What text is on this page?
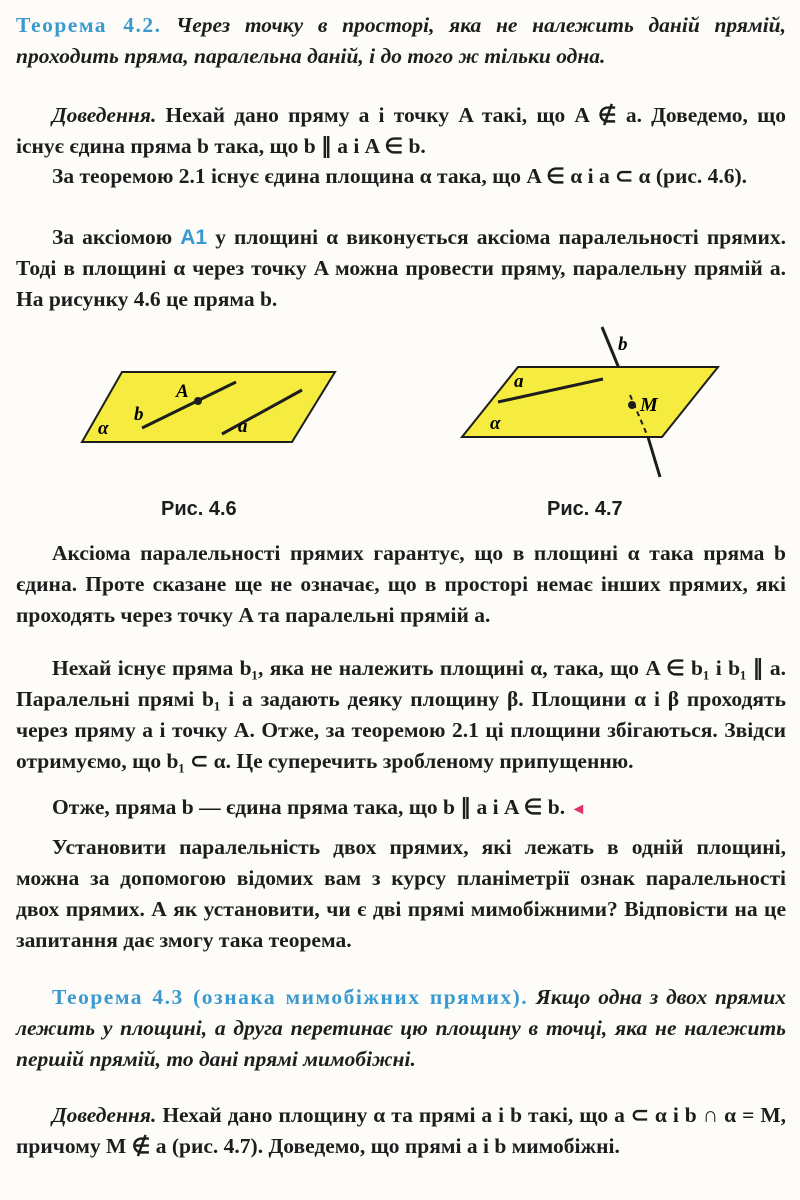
Теорема 4.2. Через точку в просторі, яка не належить даній прямій, проходить пряма, паралельна даній, і до того ж тільки одна.

Доведення. Нехай дано пряму a і точку A такі, що A ∉ a. Доведемо, що існує єдина пряма b така, що b ∥ a і A ∈ b.

За теоремою 2.1 існує єдина площина α така, що A ∈ α і a ⊂ α (рис. 4.6).

За аксіомою A1 у площині α виконується аксіома паралельності прямих. Тоді в площині α через точку A можна провести пряму, паралельну прямій a. На рисунку 4.6 це пряма b.

α
b
A
a
b
a
M
α
Рис. 4.6	Рис. 4.7

Аксіома паралельності прямих гарантує, що в площині α така пряма b єдина. Проте сказане ще не означає, що в просторі немає інших прямих, які проходять через точку A та паралельні прямій a.

Нехай існує пряма b₁, яка не належить площині α, така, що A ∈ b₁ і b₁ ∥ a. Паралельні прямі b₁ і a задають деяку площину β. Площини α і β проходять через пряму a і точку A. Отже, за теоремою 2.1 ці площини збігаються. Звідси отримуємо, що b₁ ⊂ α. Це суперечить зробленому припущенню.

Отже, пряма b — єдина пряма така, що b ∥ a і A ∈ b. ◄

Установити паралельність двох прямих, які лежать в одній площині, можна за допомогою відомих вам з курсу планіметрії ознак паралельності двох прямих. А як установити, чи є дві прямі мимобіжними? Відповісти на це запитання дає змогу така теорема.

Теорема 4.3 (ознака мимобіжних прямих). Якщо одна з двох прямих лежить у площині, а друга перетинає цю площину в точці, яка не належить першій прямій, то дані прямі мимобіжні.

Доведення. Нехай дано площину α та прямі a і b такі, що a ⊂ α і b ∩ α = M, причому M ∉ a (рис. 4.7). Доведемо, що прямі a і b мимобіжні.
